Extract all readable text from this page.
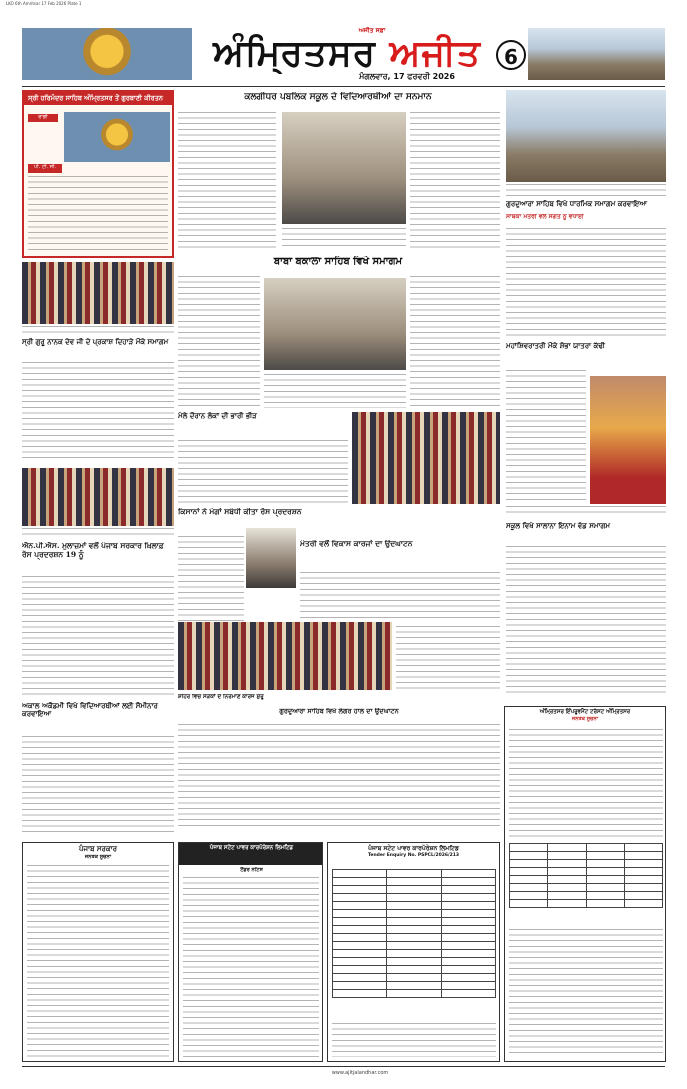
LKO 6th Amritsar 17 Feb 2026 Plate 1
ਅਜੀਤ ਸਫ਼ਾ
ਅੰਮ੍ਰਿਤਸਰ ਅਜੀਤ	6
ਮੰਗਲਵਾਰ, 17 ਫਰਵਰੀ 2026
ਸ੍ਰੀ ਹਰਿਮੰਦਰ ਸਾਹਿਬ ਅੰਮ੍ਰਿਤਸਰ ਤੋਂ ਗੁਰਬਾਣੀ ਕੀਰਤਨ
ਰਾਗੀ
ਪੀ. ਟੀ. ਸੀ.
ਕਲਗੀਧਰ ਪਬਲਿਕ ਸਕੂਲ ਦੇ ਵਿਦਿਆਰਥੀਆਂ ਦਾ ਸਨਮਾਨ
ਗੁਰਦੁਆਰਾ ਸਾਹਿਬ ਵਿਖੇ ਧਾਰਮਿਕ ਸਮਾਗਮ ਕਰਵਾਇਆ
ਸਾਬਕਾ ਮੰਤਰੀ ਵਲੋਂ ਸੰਗਤ ਨੂੰ ਵਧਾਈ
ਬਾਬਾ ਬਕਾਲਾ ਸਾਹਿਬ ਵਿਖੇ ਸਮਾਗਮ
ਸ੍ਰੀ ਗੁਰੂ ਨਾਨਕ ਦੇਵ ਜੀ ਦੇ ਪ੍ਰਕਾਸ਼ ਦਿਹਾੜੇ ਮੌਕੇ ਸਮਾਗਮ	ਮਹਾਂਸ਼ਿਵਰਾਤਰੀ ਮੌਕੇ ਸ਼ੋਭਾ ਯਾਤਰਾ ਕੱਢੀ
ਮੇਲੇ ਦੌਰਾਨ ਲੋਕਾਂ ਦੀ ਭਾਰੀ ਭੀੜ
ਕਿਸਾਨਾਂ ਨੇ ਮੰਗਾਂ ਸਬੰਧੀ ਕੀਤਾ ਰੋਸ ਪ੍ਰਦਰਸ਼ਨ
ਐਨ.ਪੀ.ਐਸ. ਮੁਲਾਜ਼ਮਾਂ ਵਲੋਂ ਪੰਜਾਬ ਸਰਕਾਰ ਖ਼ਿਲਾਫ਼ ਰੋਸ ਪ੍ਰਦਰਸ਼ਨ 19 ਨੂੰ
ਮੰਤਰੀ ਵਲੋਂ ਵਿਕਾਸ ਕਾਰਜਾਂ ਦਾ ਉਦਘਾਟਨ
ਸ਼ਹਿਰ ਵਿਚ ਸੜਕਾਂ ਦੇ ਨਿਰਮਾਣ ਕਾਰਜ ਸ਼ੁਰੂ
ਸਕੂਲ ਵਿਖੇ ਸਾਲਾਨਾ ਇਨਾਮ ਵੰਡ ਸਮਾਗਮ
ਅਕਾਲ ਅਕੈਡਮੀ ਵਿਖੇ ਵਿਦਿਆਰਥੀਆਂ ਲਈ ਸੈਮੀਨਾਰ ਕਰਵਾਇਆ	ਗੁਰਦੁਆਰਾ ਸਾਹਿਬ ਵਿਖੇ ਲੰਗਰ ਹਾਲ ਦਾ ਉਦਘਾਟਨ
ਪੰਜਾਬ ਸਰਕਾਰ
ਜਨਤਕ ਸੂਚਨਾ
ਪੰਜਾਬ ਸਟੇਟ ਪਾਵਰ ਕਾਰਪੋਰੇਸ਼ਨ ਲਿਮਟਿਡ
ਟੈਂਡਰ ਨੋਟਿਸ
ਪੰਜਾਬ ਸਟੇਟ ਪਾਵਰ ਕਾਰਪੋਰੇਸ਼ਨ ਲਿਮਟਿਡ
Tender Enquiry No. PSPCL/2026/213

ਅੰਮ੍ਰਿਤਸਰ ਇੰਪਰੂਵਮੈਂਟ ਟਰੱਸਟ ਅੰਮ੍ਰਿਤਸਰ
ਜਨਤਕ ਸੂਚਨਾ

www.ajitjalandhar.com
